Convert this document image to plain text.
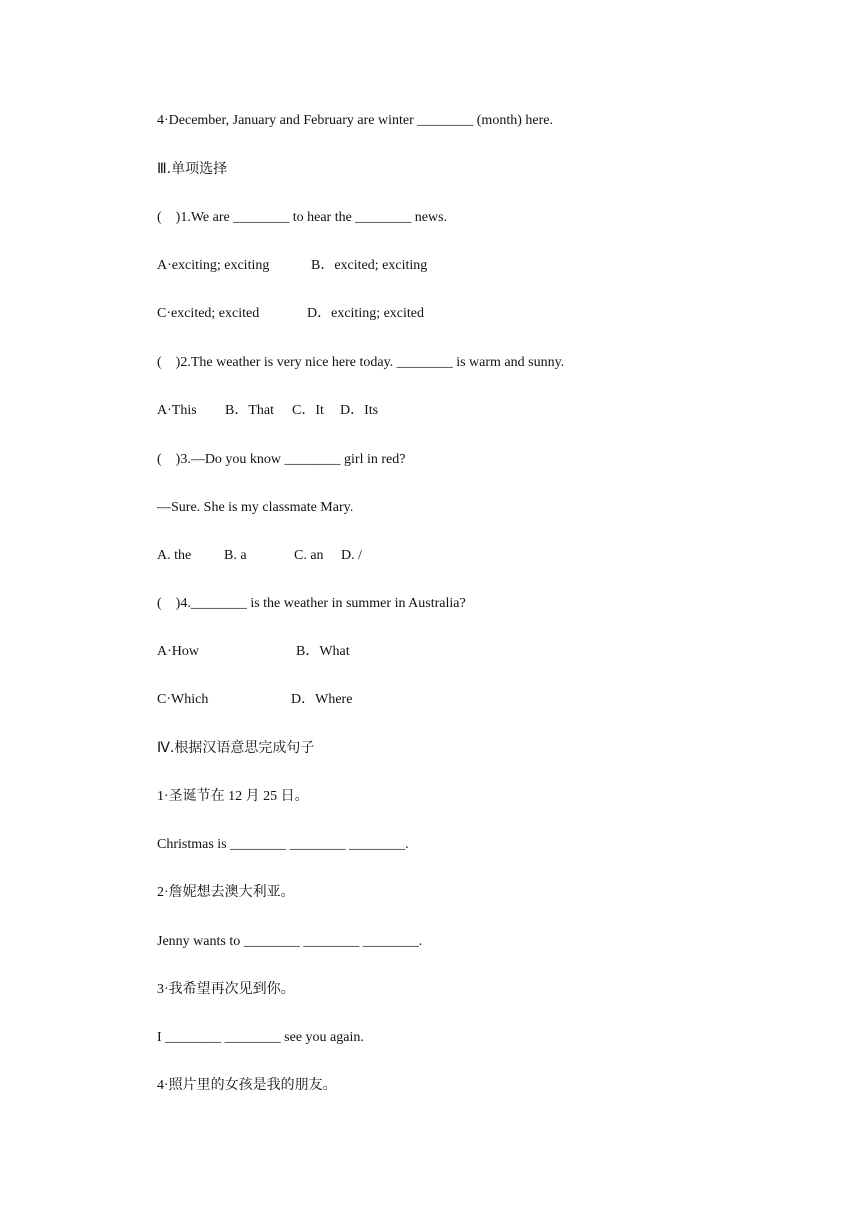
4·December, January and February are winter ________ (month) here.
Ⅲ.单项选择
(    )1.We are ________ to hear the ________ news.
A·exciting; exciting	B．excited; exciting
C·excited; excited	D．exciting; excited
(    )2.The weather is very nice here today. ________ is warm and sunny.
A·This B．That C．It D．Its
(    )3.—Do you know ________ girl in red?
—Sure. She is my classmate Mary.
A. the B. a	C. an D. /
(    )4.________ is the weather in summer in Australia?
A·How	B．What
C·Which	D．Where
Ⅳ.根据汉语意思完成句子
1·圣诞节在 12 月 25 日。
Christmas is ________ ________ ________.
2·詹妮想去澳大利亚。
Jenny wants to ________ ________ ________.
3·我希望再次见到你。
I ________ ________ see you again.
4·照片里的女孩是我的朋友。
